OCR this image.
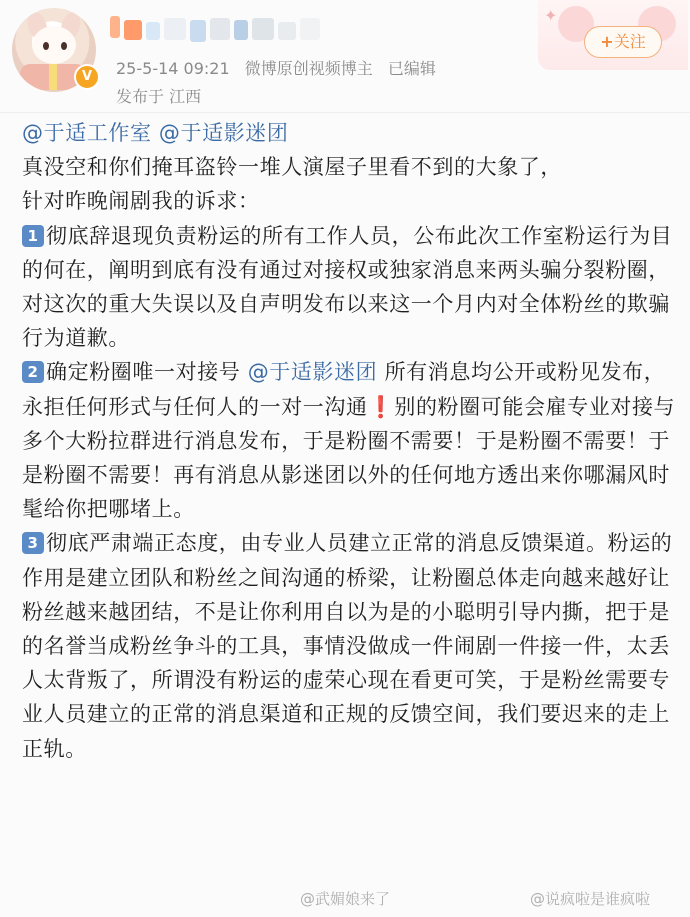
V	25-5-14 09:21 微博原创视频博主 已编辑
发布于 江西
✦
+关注
@于适工作室 @于适影迷团
真没空和你们掩耳盗铃一堆人演屋子里看不到的大象了，
针对昨晚闹剧我的诉求：
1 彻底辞退现负责粉运的所有工作人员，公布此次工作室粉运行为目的何在，阐明到底有没有通过对接权或独家消息来两头骗分裂粉圈，对这次的重大失误以及自声明发布以来这一个月内对全体粉丝的欺骗行为道歉。
2 确定粉圈唯一对接号 @于适影迷团 所有消息均公开或粉见发布，永拒任何形式与任何人的一对一沟通❗别的粉圈可能会雇专业对接与多个大粉拉群进行消息发布，于是粉圈不需要！于是粉圈不需要！于是粉圈不需要！再有消息从影迷团以外的任何地方透出来你哪漏风时髦给你把哪堵上。
3 彻底严肃端正态度，由专业人员建立正常的消息反馈渠道。粉运的作用是建立团队和粉丝之间沟通的桥梁，让粉圈总体走向越来越好让粉丝越来越团结，不是让你利用自以为是的小聪明引导内撕，把于是的名誉当成粉丝争斗的工具，事情没做成一件闹剧一件接一件，太丢人太背叛了，所谓没有粉运的虚荣心现在看更可笑，于是粉丝需要专业人员建立的正常的消息渠道和正规的反馈空间，我们要迟来的走上正轨。
@武媚娘来了	@说疯啦是谁疯啦
